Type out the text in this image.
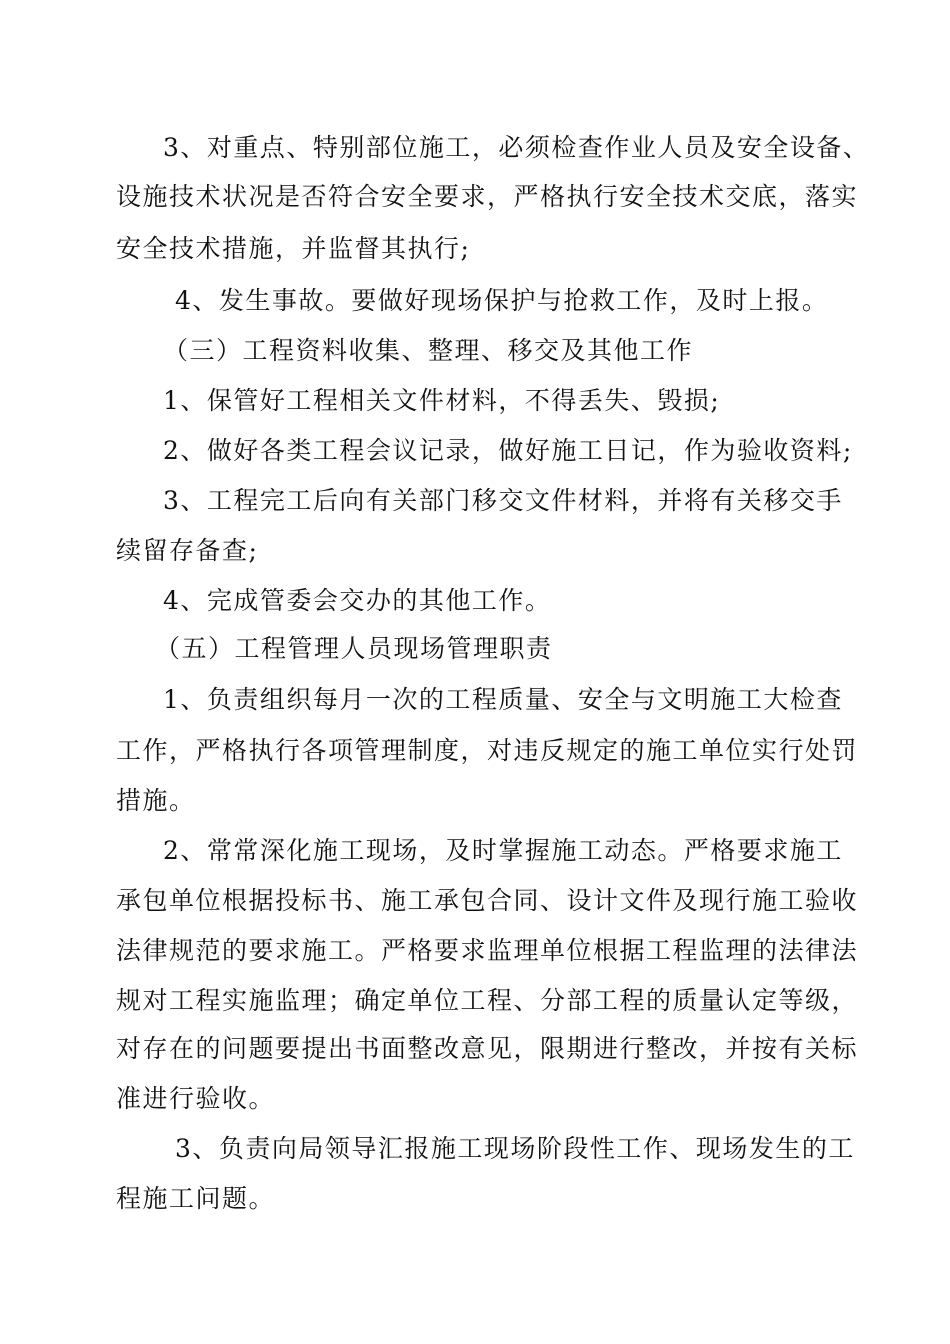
3、对重点、特别部位施工，必须检查作业人员及安全设备、
设施技术状况是否符合安全要求，严格执行安全技术交底，落实
安全技术措施，并监督其执行;
4、发生事故。要做好现场保护与抢救工作，及时上报。
（三）工程资料收集、整理、移交及其他工作
1、保管好工程相关文件材料，不得丢失、毁损;
2、做好各类工程会议记录，做好施工日记，作为验收资料;
3、工程完工后向有关部门移交文件材料，并将有关移交手
续留存备查;
4、完成管委会交办的其他工作。
（五）工程管理人员现场管理职责
1、负责组织每月一次的工程质量、安全与文明施工大检查
工作，严格执行各项管理制度，对违反规定的施工单位实行处罚
措施。
2、常常深化施工现场，及时掌握施工动态。严格要求施工
承包单位根据投标书、施工承包合同、设计文件及现行施工验收
法律规范的要求施工。严格要求监理单位根据工程监理的法律法
规对工程实施监理；确定单位工程、分部工程的质量认定等级，
对存在的问题要提出书面整改意见，限期进行整改，并按有关标
准进行验收。
3、负责向局领导汇报施工现场阶段性工作、现场发生的工
程施工问题。
